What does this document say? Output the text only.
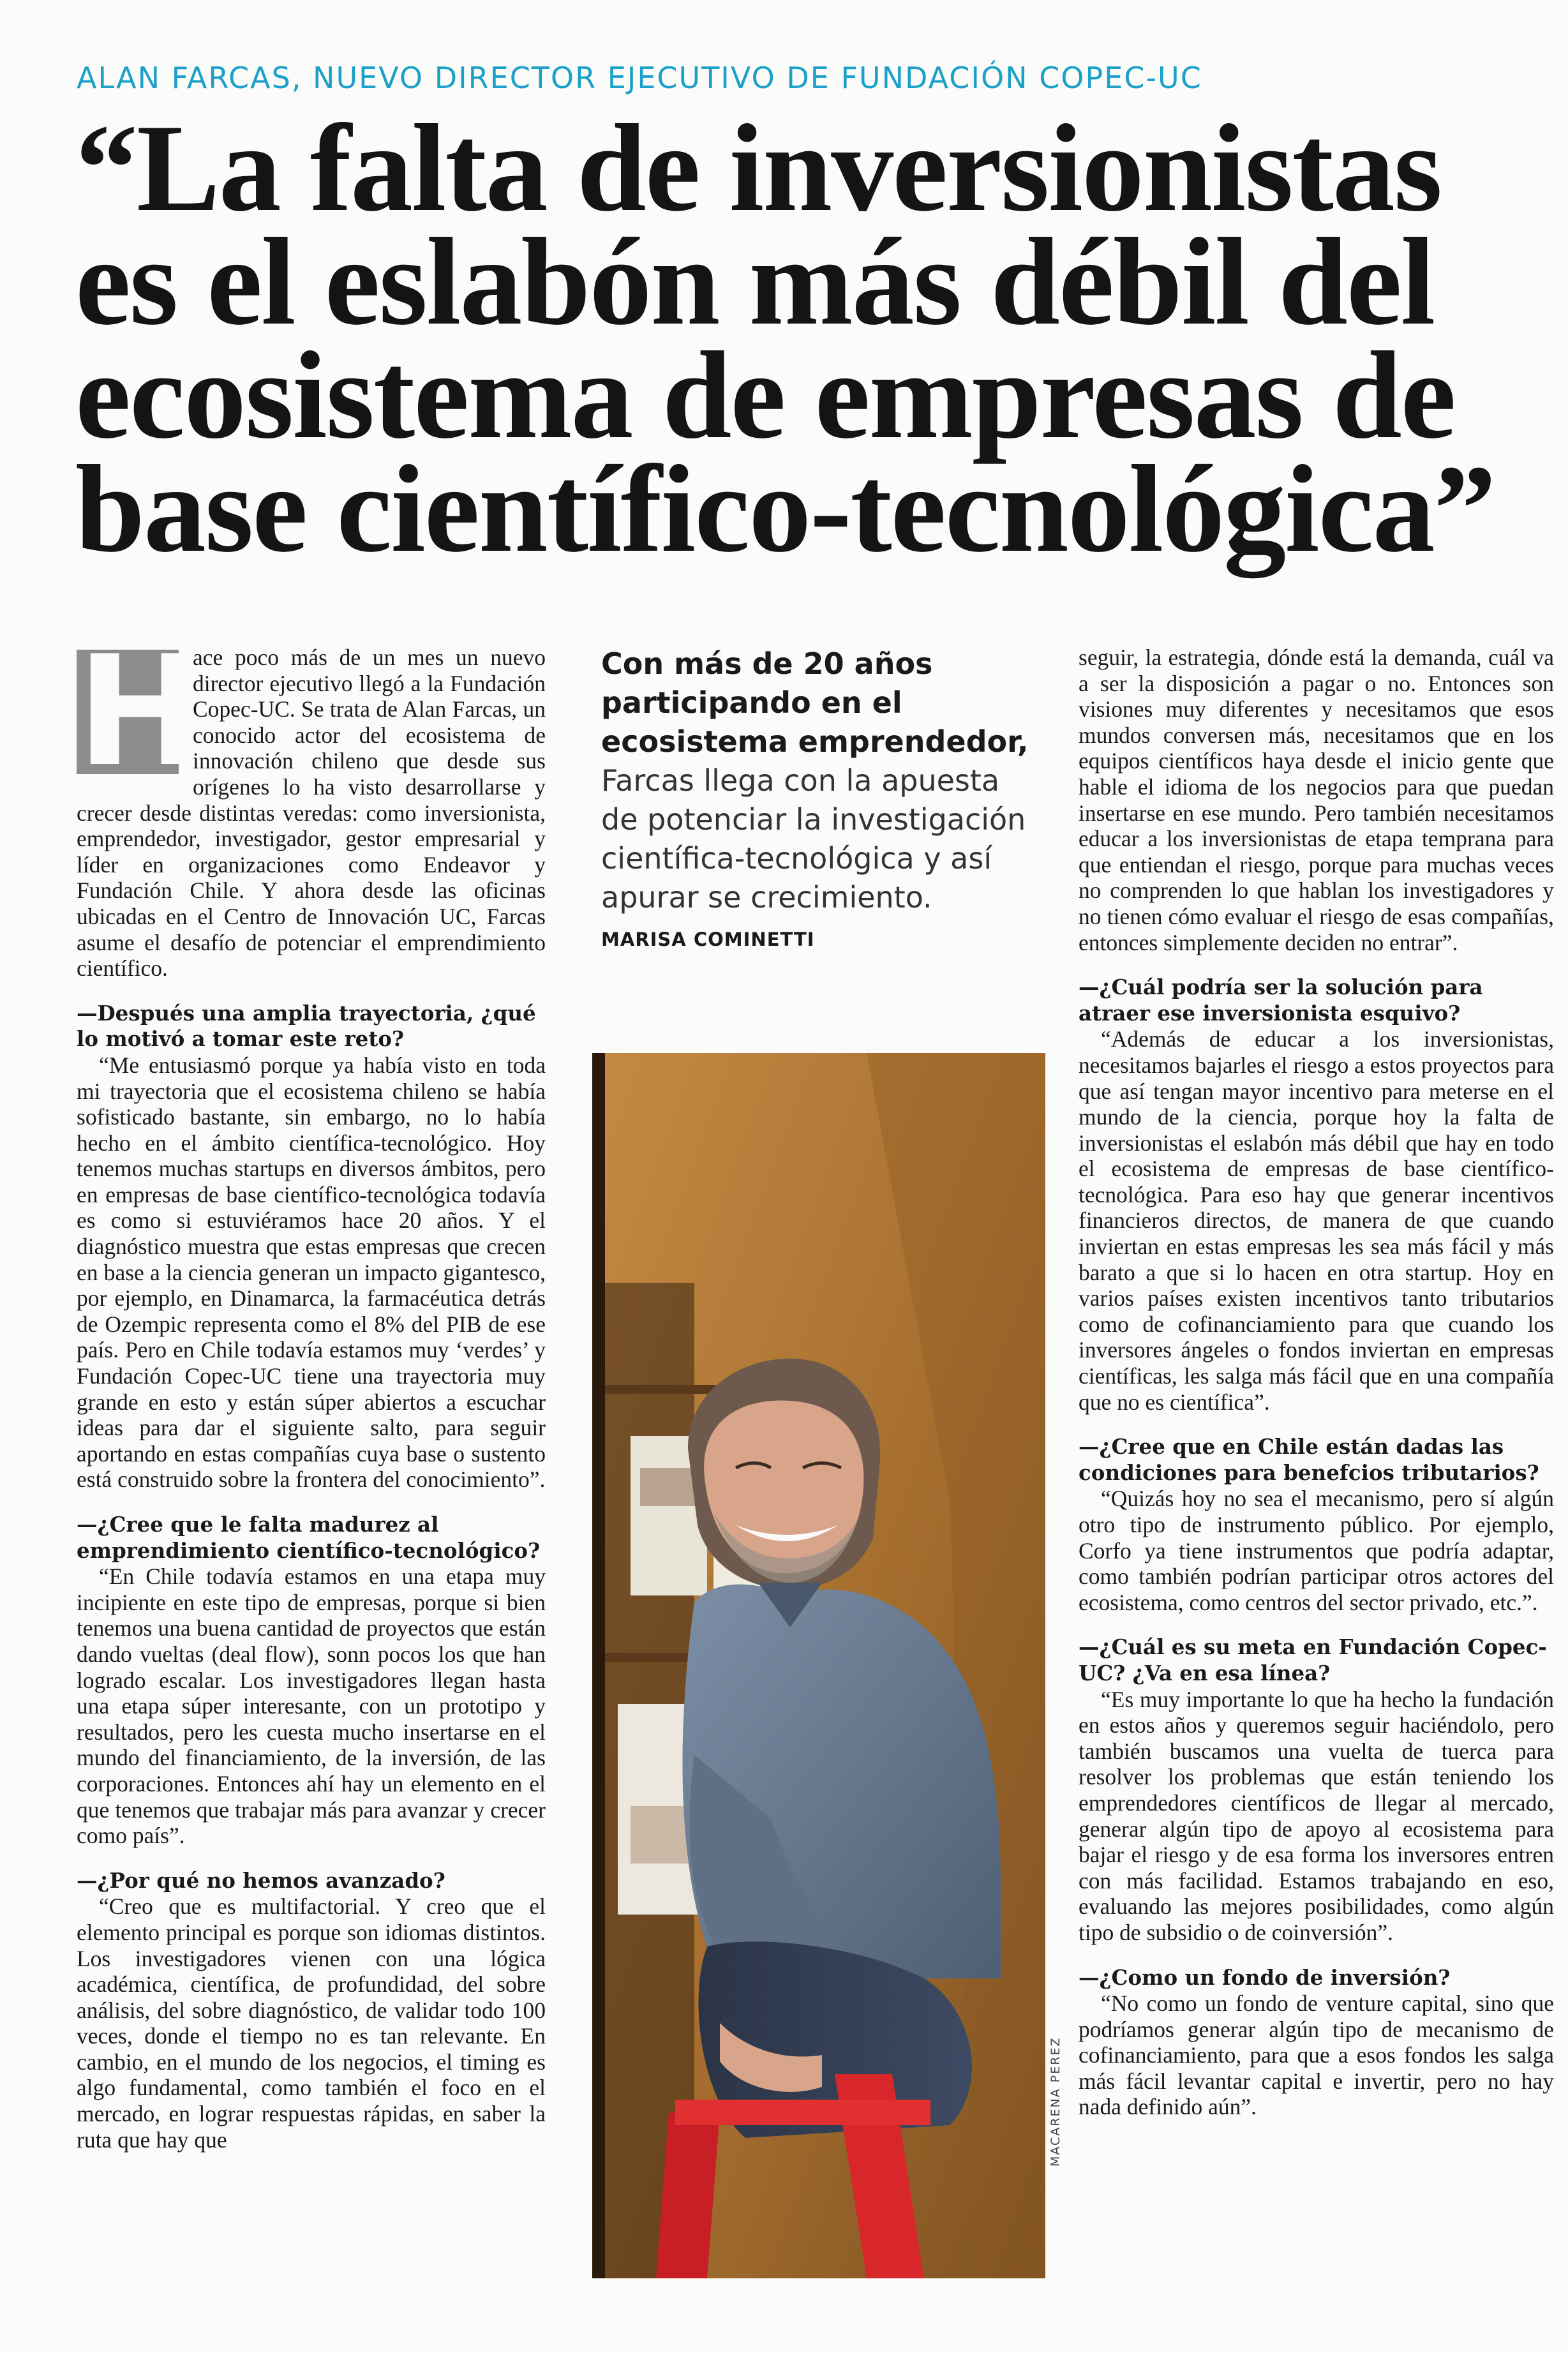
ALAN FARCAS, NUEVO DIRECTOR EJECUTIVO DE FUNDACIÓN COPEC-UC
“La falta de inversionistas es el eslabón más débil del ecosistema de empresas de base científico-tecnológica”

H
ace poco más de un mes un nuevo director ejecutivo llegó a la Fundación Copec-UC. Se trata de Alan Farcas, un conocido actor del ecosistema de innovación chileno que desde sus orígenes lo ha visto desarrollarse y crecer desde distintas veredas: como inversionista, emprendedor, investigador, gestor empresarial y líder en organizaciones como Endeavor y Fundación Chile. Y ahora desde las oficinas ubicadas en el Centro de Innovación UC, Farcas asume el desafío de potenciar el emprendimiento científico.

—Después una amplia trayectoria, ¿qué lo motivó a tomar este reto?

“Me entusiasmó porque ya había visto en toda mi trayectoria que el ecosistema chileno se había sofisticado bastante, sin embargo, no lo había hecho en el ámbito científica-tecnológico. Hoy tenemos muchas startups en diversos ámbitos, pero en empresas de base científico-tecnológica todavía es como si estuviéramos hace 20 años. Y el diagnóstico muestra que estas empresas que crecen en base a la ciencia generan un impacto gigantesco, por ejemplo, en Dinamarca, la farmacéutica detrás de Ozempic representa como el 8% del PIB de ese país. Pero en Chile todavía estamos muy ‘verdes’ y Fundación Copec-UC tiene una trayectoria muy grande en esto y están súper abiertos a escuchar ideas para dar el siguiente salto, para seguir aportando en estas compañías cuya base o sustento está construido sobre la frontera del conocimiento”.

—¿Cree que le falta madurez al emprendimiento científico-tecnológico?

“En Chile todavía estamos en una etapa muy incipiente en este tipo de empresas, porque si bien tenemos una buena cantidad de proyectos que están dando vueltas (deal flow), sonn pocos los que han logrado escalar. Los investigadores llegan hasta una etapa súper interesante, con un prototipo y resultados, pero les cuesta mucho insertarse en el mundo del financiamiento, de la inversión, de las corporaciones. Entonces ahí hay un elemento en el que tenemos que trabajar más para avanzar y crecer como país”.

—¿Por qué no hemos avanzado?

“Creo que es multifactorial. Y creo que el elemento principal es porque son idiomas distintos. Los investigadores vienen con una lógica académica, científica, de profundidad, del sobre análisis, del sobre diagnóstico, de validar todo 100 veces, donde el tiempo no es tan relevante. En cambio, en el mundo de los negocios, el timing es algo fundamental, como también el foco en el mercado, en lograr respuestas rápidas, en saber la ruta que hay que

Con más de 20 años participando en el ecosistema emprendedor,
Farcas llega con la apuesta de potenciar la investigación científica-tecnológica y así apurar se crecimiento.
MARISA COMINETTI
MACARENA PEREZ

seguir, la estrategia, dónde está la demanda, cuál va a ser la disposición a pagar o no. Entonces son visiones muy diferentes y necesitamos que esos mundos conversen más, necesitamos que en los equipos científicos haya desde el inicio gente que hable el idioma de los negocios para que puedan insertarse en ese mundo. Pero también necesitamos educar a los inversionistas de etapa temprana para que entiendan el riesgo, porque para muchas veces no comprenden lo que hablan los investigadores y no tienen cómo evaluar el riesgo de esas compañías, entonces simplemente deciden no entrar”.

—¿Cuál podría ser la solución para atraer ese inversionista esquivo?

“Además de educar a los inversionistas, necesitamos bajarles el riesgo a estos proyectos para que así tengan mayor incentivo para meterse en el mundo de la ciencia, porque hoy la falta de inversionistas el eslabón más débil que hay en todo el ecosistema de empresas de base científico-tecnológica. Para eso hay que generar incentivos financieros directos, de manera de que cuando inviertan en estas empresas les sea más fácil y más barato a que si lo hacen en otra startup. Hoy en varios países existen incentivos tanto tributarios como de cofinanciamiento para que cuando los inversores ángeles o fondos inviertan en empresas científicas, les salga más fácil que en una compañía que no es científica”.

—¿Cree que en Chile están dadas las condiciones para benefcios tributarios?

“Quizás hoy no sea el mecanismo, pero sí algún otro tipo de instrumento público. Por ejemplo, Corfo ya tiene instrumentos que podría adaptar, como también podrían participar otros actores del ecosistema, como centros del sector privado, etc.”.

—¿Cuál es su meta en Fundación Copec-UC? ¿Va en esa línea?

“Es muy importante lo que ha hecho la fundación en estos años y queremos seguir haciéndolo, pero también buscamos una vuelta de tuerca para resolver los problemas que están teniendo los emprendedores científicos de llegar al mercado, generar algún tipo de apoyo al ecosistema para bajar el riesgo y de esa forma los inversores entren con más facilidad. Estamos trabajando en eso, evaluando las mejores posibilidades, como algún tipo de subsidio o de coinversión”.

—¿Como un fondo de inversión?

“No como un fondo de venture capital, sino que podríamos generar algún tipo de mecanismo de cofinanciamiento, para que a esos fondos les salga más fácil levantar capital e invertir, pero no hay nada definido aún”.
